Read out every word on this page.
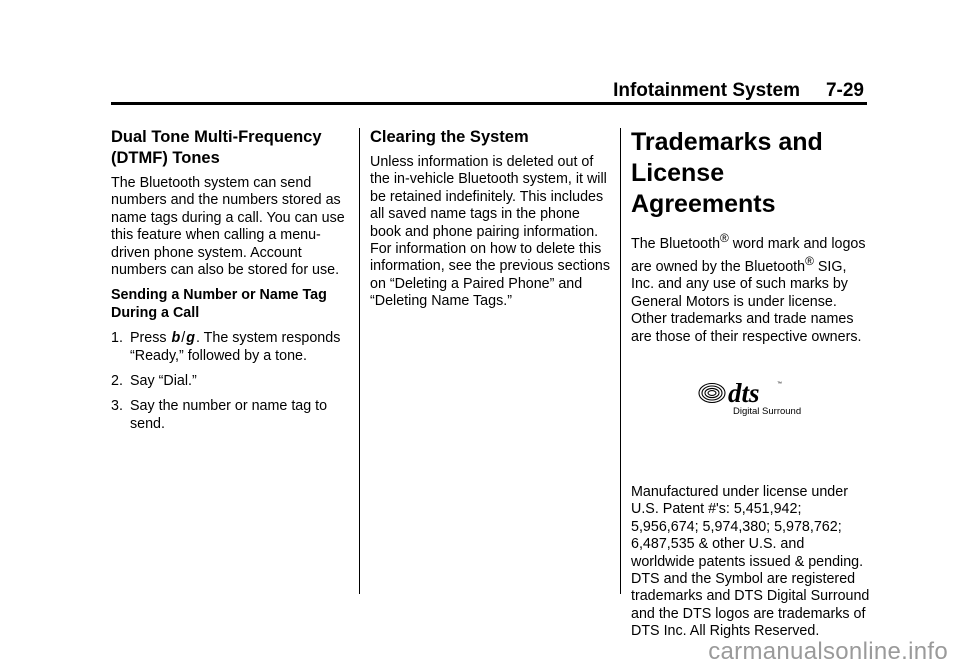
Infotainment System 7-29
Dual Tone Multi-Frequency (DTMF) Tones

The Bluetooth system can send numbers and the numbers stored as name tags during a call. You can use this feature when calling a menu-driven phone system. Account numbers can also be stored for use.

Sending a Number or Name Tag During a Call

1. Press b/g. The system responds “Ready,” followed by a tone.
2. Say “Dial.”
3. Say the number or name tag to send.
Clearing the System

Unless information is deleted out of the in-vehicle Bluetooth system, it will be retained indefinitely. This includes all saved name tags in the phone book and phone pairing information. For information on how to delete this information, see the previous sections on “Deleting a Paired Phone” and “Deleting Name Tags.”

Trademarks and License Agreements

The Bluetooth® word mark and logos are owned by the Bluetooth® SIG, Inc. and any use of such marks by General Motors is under license. Other trademarks and trade names are those of their respective owners.

dts	™
Digital Surround

Manufactured under license under U.S. Patent #'s: 5,451,942; 5,956,674; 5,974,380; 5,978,762; 6,487,535 & other U.S. and worldwide patents issued & pending. DTS and the Symbol are registered trademarks and DTS Digital Surround and the DTS logos are trademarks of DTS Inc. All Rights Reserved.

carmanualsonline.info
